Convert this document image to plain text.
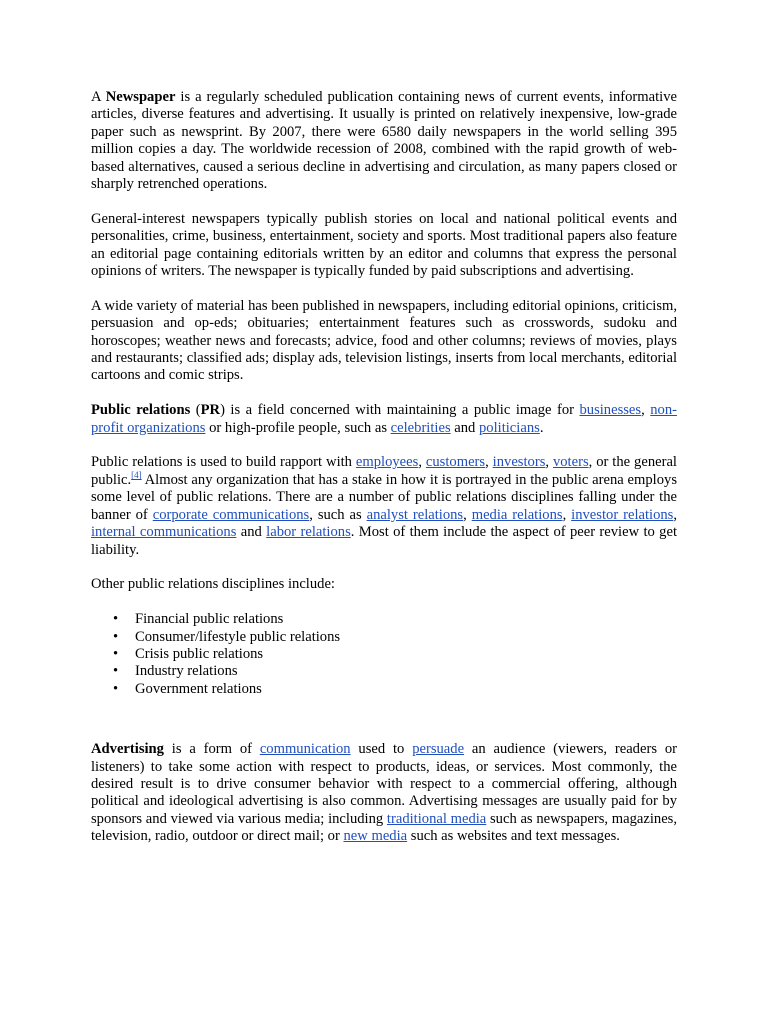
A Newspaper is a regularly scheduled publication containing news of current events, informative articles, diverse features and advertising. It usually is printed on relatively inexpensive, low-grade paper such as newsprint. By 2007, there were 6580 daily newspapers in the world selling 395 million copies a day. The worldwide recession of 2008, combined with the rapid growth of web-based alternatives, caused a serious decline in advertising and circulation, as many papers closed or sharply retrenched operations.

General-interest newspapers typically publish stories on local and national political events and personalities, crime, business, entertainment, society and sports. Most traditional papers also feature an editorial page containing editorials written by an editor and columns that express the personal opinions of writers. The newspaper is typically funded by paid subscriptions and advertising.

A wide variety of material has been published in newspapers, including editorial opinions, criticism, persuasion and op-eds; obituaries; entertainment features such as crosswords, sudoku and horoscopes; weather news and forecasts; advice, food and other columns; reviews of movies, plays and restaurants; classified ads; display ads, television listings, inserts from local merchants, editorial cartoons and comic strips.

Public relations (PR) is a field concerned with maintaining a public image for businesses, non-profit organizations or high-profile people, such as celebrities and politicians.

Public relations is used to build rapport with employees, customers, investors, voters, or the general public.[4] Almost any organization that has a stake in how it is portrayed in the public arena employs some level of public relations. There are a number of public relations disciplines falling under the banner of corporate communications, such as analyst relations, media relations, investor relations, internal communications and labor relations. Most of them include the aspect of peer review to get liability.

Other public relations disciplines include:

• Financial public relations
• Consumer/lifestyle public relations
• Crisis public relations
• Industry relations
• Government relations

Advertising is a form of communication used to persuade an audience (viewers, readers or listeners) to take some action with respect to products, ideas, or services. Most commonly, the desired result is to drive consumer behavior with respect to a commercial offering, although political and ideological advertising is also common. Advertising messages are usually paid for by sponsors and viewed via various media; including traditional media such as newspapers, magazines, television, radio, outdoor or direct mail; or new media such as websites and text messages.
